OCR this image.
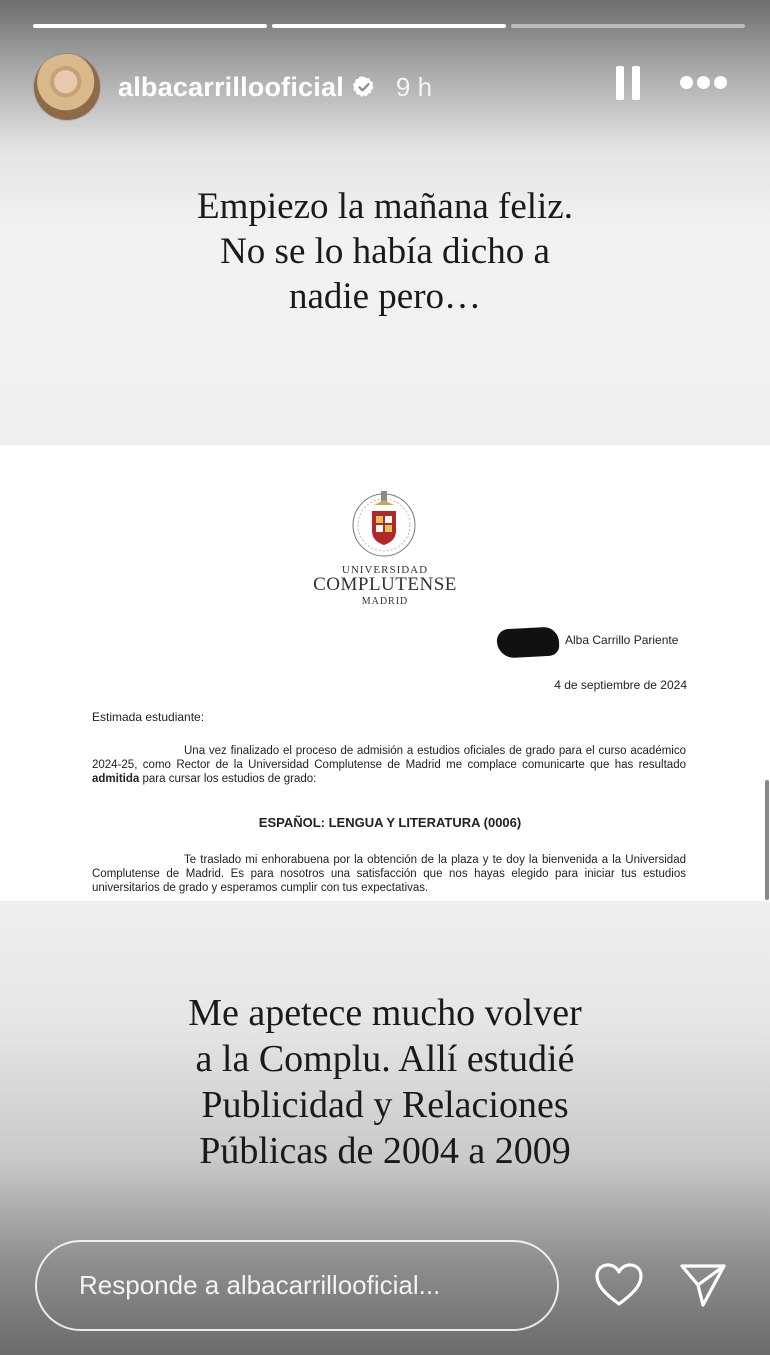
albacarrillooficial 9 h
Empiezo la mañana feliz.
No se lo había dicho a
nadie pero…
UNIVERSIDAD
COMPLUTENSE
MADRID
Alba Carrillo Pariente
4 de septiembre de 2024
Estimada estudiante:
Una vez finalizado el proceso de admisión a estudios oficiales de grado para el curso académico 2024-25, como Rector de la Universidad Complutense de Madrid me complace comunicarte que has resultado admitida para cursar los estudios de grado:
ESPAÑOL: LENGUA Y LITERATURA (0006)
Te traslado mi enhorabuena por la obtención de la plaza y te doy la bienvenida a la Universidad Complutense de Madrid. Es para nosotros una satisfacción que nos hayas elegido para iniciar tus estudios universitarios de grado y esperamos cumplir con tus expectativas.
Me apetece mucho volver
a la Complu. Allí estudié
Publicidad y Relaciones
Públicas de 2004 a 2009
Responde a albacarrillooficial...
